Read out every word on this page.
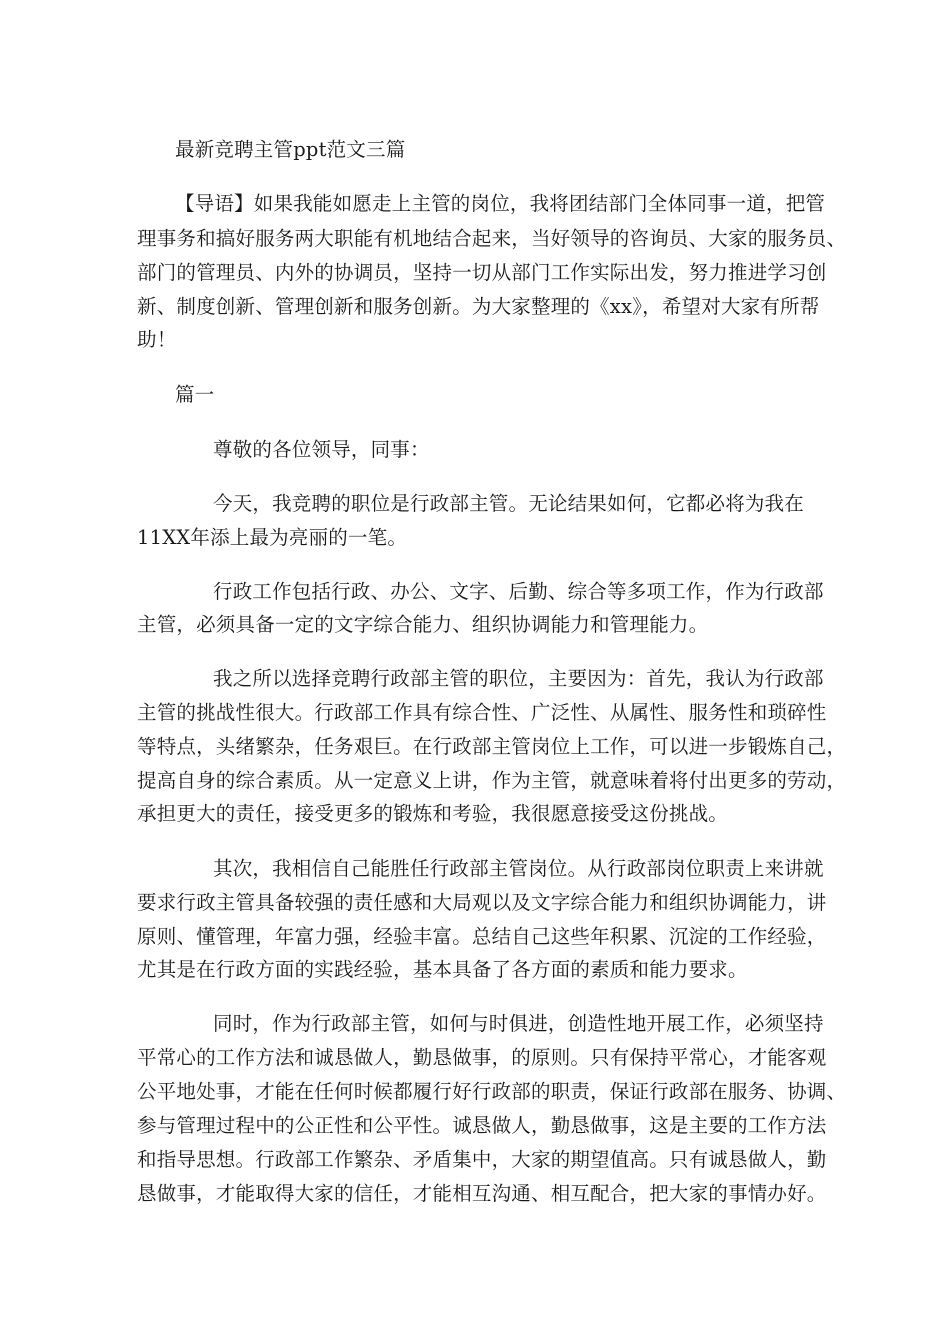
最新竞聘主管ppt范文三篇
【导语】如果我能如愿走上主管的岗位，我将团结部门全体同事一道，把管
理事务和搞好服务两大职能有机地结合起来，当好领导的咨询员、大家的服务员、
部门的管理员、内外的协调员，坚持一切从部门工作实际出发，努力推进学习创
新、制度创新、管理创新和服务创新。为大家整理的《xx》，希望对大家有所帮
助！
篇一
尊敬的各位领导，同事：
今天，我竞聘的职位是行政部主管。无论结果如何，它都必将为我在
11XX年添上最为亮丽的一笔。
行政工作包括行政、办公、文字、后勤、综合等多项工作，作为行政部
主管，必须具备一定的文字综合能力、组织协调能力和管理能力。
我之所以选择竞聘行政部主管的职位，主要因为：首先，我认为行政部
主管的挑战性很大。行政部工作具有综合性、广泛性、从属性、服务性和琐碎性
等特点，头绪繁杂，任务艰巨。在行政部主管岗位上工作，可以进一步锻炼自己，
提高自身的综合素质。从一定意义上讲，作为主管，就意味着将付出更多的劳动，
承担更大的责任，接受更多的锻炼和考验，我很愿意接受这份挑战。
其次，我相信自己能胜任行政部主管岗位。从行政部岗位职责上来讲就
要求行政主管具备较强的责任感和大局观以及文字综合能力和组织协调能力，讲
原则、懂管理，年富力强，经验丰富。总结自己这些年积累、沉淀的工作经验，
尤其是在行政方面的实践经验，基本具备了各方面的素质和能力要求。
同时，作为行政部主管，如何与时俱进，创造性地开展工作，必须坚持
平常心的工作方法和诚恳做人，勤恳做事，的原则。只有保持平常心，才能客观
公平地处事，才能在任何时候都履行好行政部的职责，保证行政部在服务、协调、
参与管理过程中的公正性和公平性。诚恳做人，勤恳做事，这是主要的工作方法
和指导思想。行政部工作繁杂、矛盾集中，大家的期望值高。只有诚恳做人，勤
恳做事，才能取得大家的信任，才能相互沟通、相互配合，把大家的事情办好。
